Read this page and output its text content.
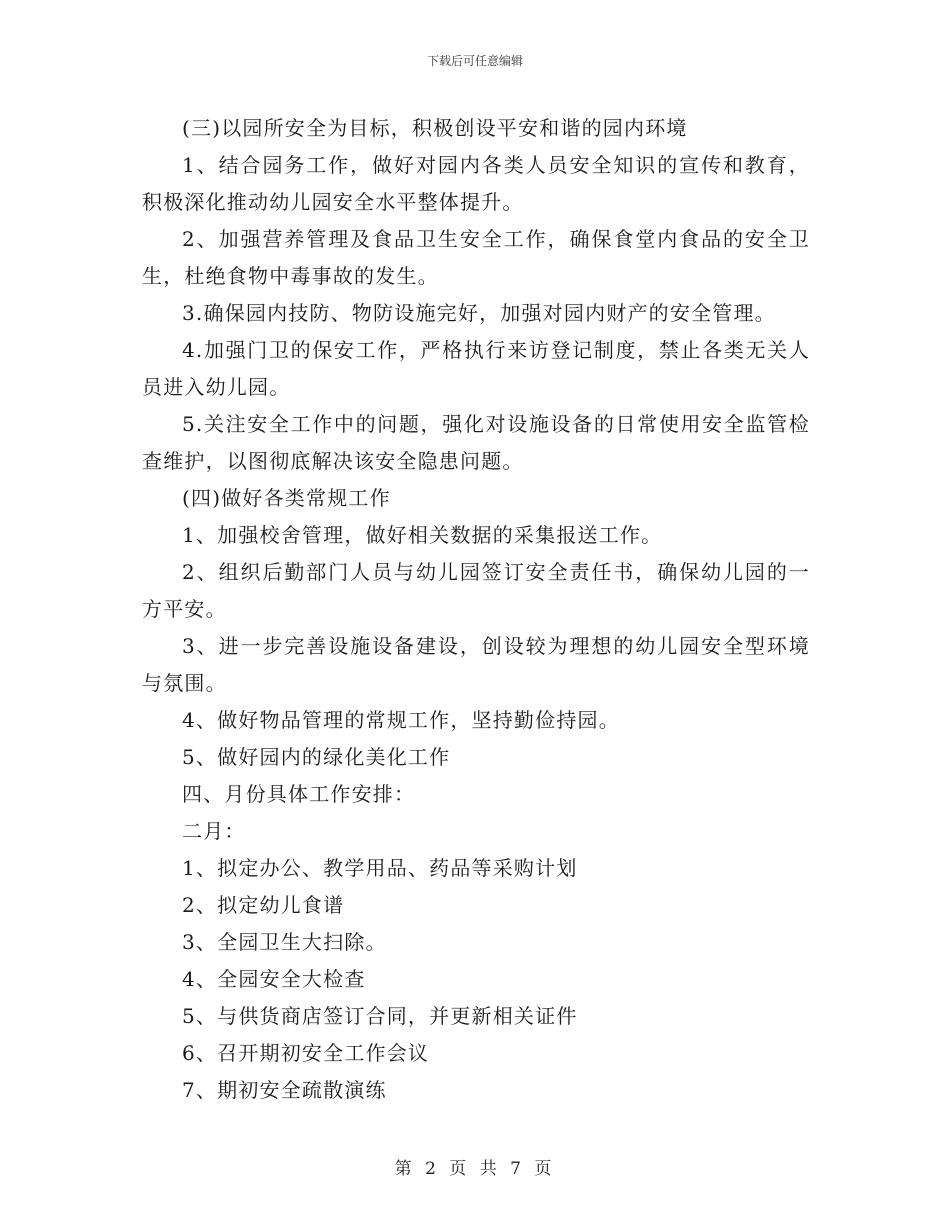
下载后可任意编辑

(三)以园所安全为目标，积极创设平安和谐的园内环境

1、结合园务工作，做好对园内各类人员安全知识的宣传和教育，积极深化推动幼儿园安全水平整体提升。

2、加强营养管理及食品卫生安全工作，确保食堂内食品的安全卫生，杜绝食物中毒事故的发生。

3.确保园内技防、物防设施完好，加强对园内财产的安全管理。

4.加强门卫的保安工作，严格执行来访登记制度，禁止各类无关人员进入幼儿园。

5.关注安全工作中的问题，强化对设施设备的日常使用安全监管检查维护，以图彻底解决该安全隐患问题。

(四)做好各类常规工作

1、加强校舍管理，做好相关数据的采集报送工作。

2、组织后勤部门人员与幼儿园签订安全责任书，确保幼儿园的一方平安。

3、进一步完善设施设备建设，创设较为理想的幼儿园安全型环境与氛围。

4、做好物品管理的常规工作，坚持勤俭持园。

5、做好园内的绿化美化工作

四、月份具体工作安排：

二月：

1、拟定办公、教学用品、药品等采购计划

2、拟定幼儿食谱

3、全园卫生大扫除。

4、全园安全大检查

5、与供货商店签订合同，并更新相关证件

6、召开期初安全工作会议

7、期初安全疏散演练

第 2 页 共 7 页
